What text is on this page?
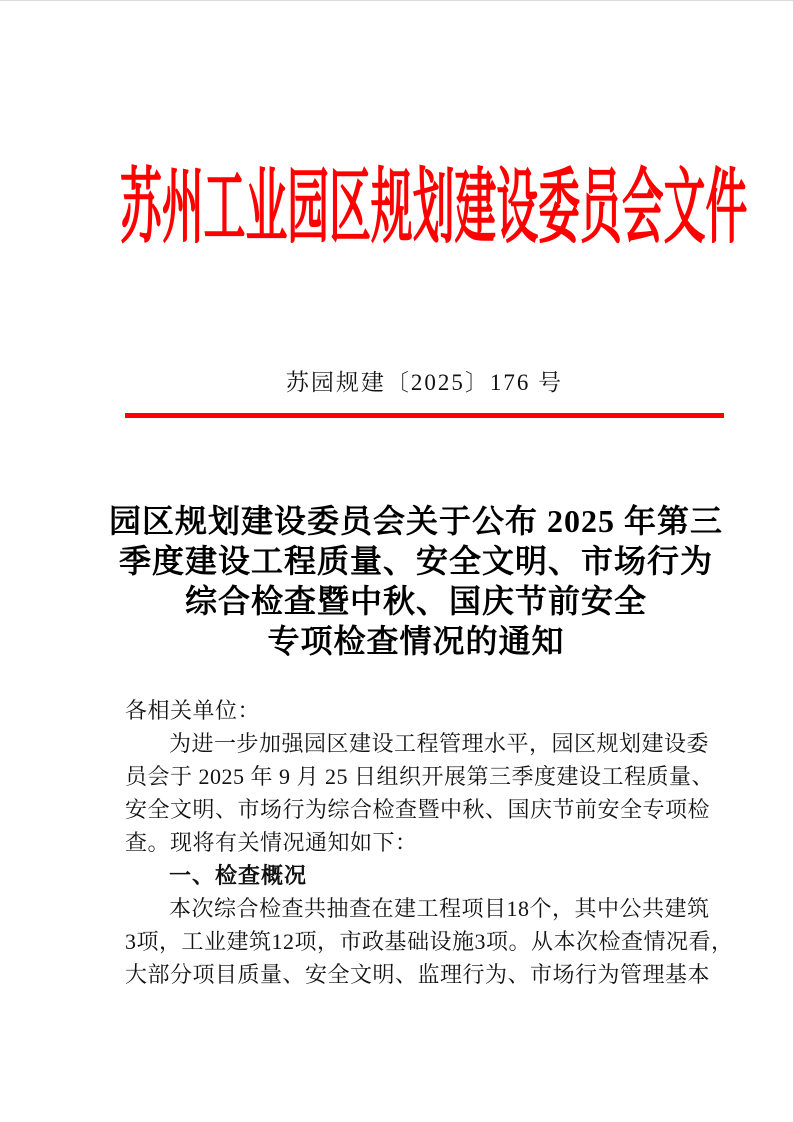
苏州工业园区规划建设委员会文件
苏园规建〔2025〕176 号
园区规划建设委员会关于公布 2025 年第三
季度建设工程质量、安全文明、市场行为
综合检查暨中秋、国庆节前安全
专项检查情况的通知
各相关单位：
为进一步加强园区建设工程管理水平，园区规划建设委
员会于 2025 年 9 月 25 日组织开展第三季度建设工程质量、
安全文明、市场行为综合检查暨中秋、国庆节前安全专项检
查。现将有关情况通知如下：
一、检查概况
本次综合检查共抽查在建工程项目18个，其中公共建筑
3项，工业建筑12项，市政基础设施3项。从本次检查情况看，
大部分项目质量、安全文明、监理行为、市场行为管理基本
